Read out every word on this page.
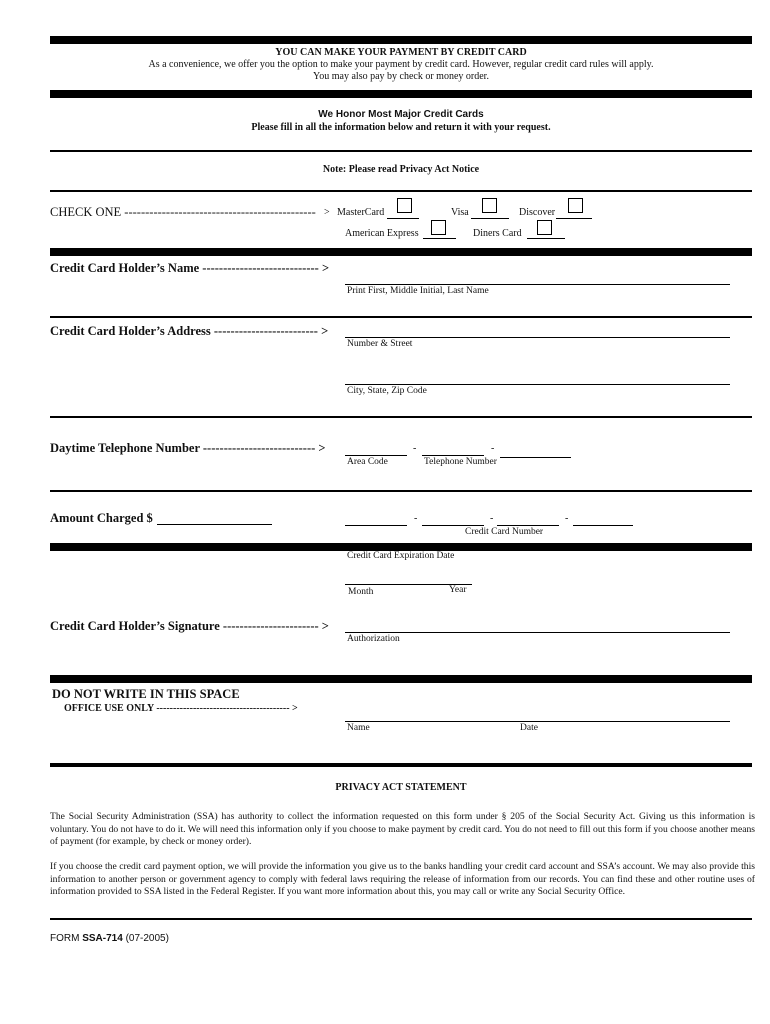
YOU CAN MAKE YOUR PAYMENT BY CREDIT CARD
As a convenience, we offer you the option to make your payment by credit card. However, regular credit card rules will apply.
You may also pay by check or money order.
We Honor Most Major Credit Cards
Please fill in all the information below and return it with your request.
Note: Please read Privacy Act Notice
CHECK ONE ---------------------------------------------- > MasterCard	Visa	Discover
American Express	Diners Card
Credit Card Holder’s Name ---------------------------- >
Print First, Middle Initial, Last Name
Credit Card Holder’s Address ------------------------- >
Number & Street
City, State, Zip Code
Daytime Telephone Number --------------------------- >	-	-
Area Code	Telephone Number
Amount Charged $	-	-	-
Credit Card Number
Credit Card Expiration Date
Month	Year
Credit Card Holder’s Signature ----------------------- >
Authorization
DO NOT WRITE IN THIS SPACE
OFFICE USE ONLY ---------------------------------------- >
Name	Date
PRIVACY ACT STATEMENT
The Social Security Administration (SSA) has authority to collect the information requested on this form under § 205 of the Social Security Act. Giving us this information is voluntary. You do not have to do it. We will need this information only if you choose to make payment by credit card. You do not need to fill out this form if you choose another means of payment (for example, by check or money order).
If you choose the credit card payment option, we will provide the information you give us to the banks handling your credit card account and SSA’s account. We may also provide this information to another person or government agency to comply with federal laws requiring the release of information from our records. You can find these and other routine uses of information provided to SSA listed in the Federal Register. If you want more information about this, you may call or write any Social Security Office.
FORM SSA-714 (07-2005)
